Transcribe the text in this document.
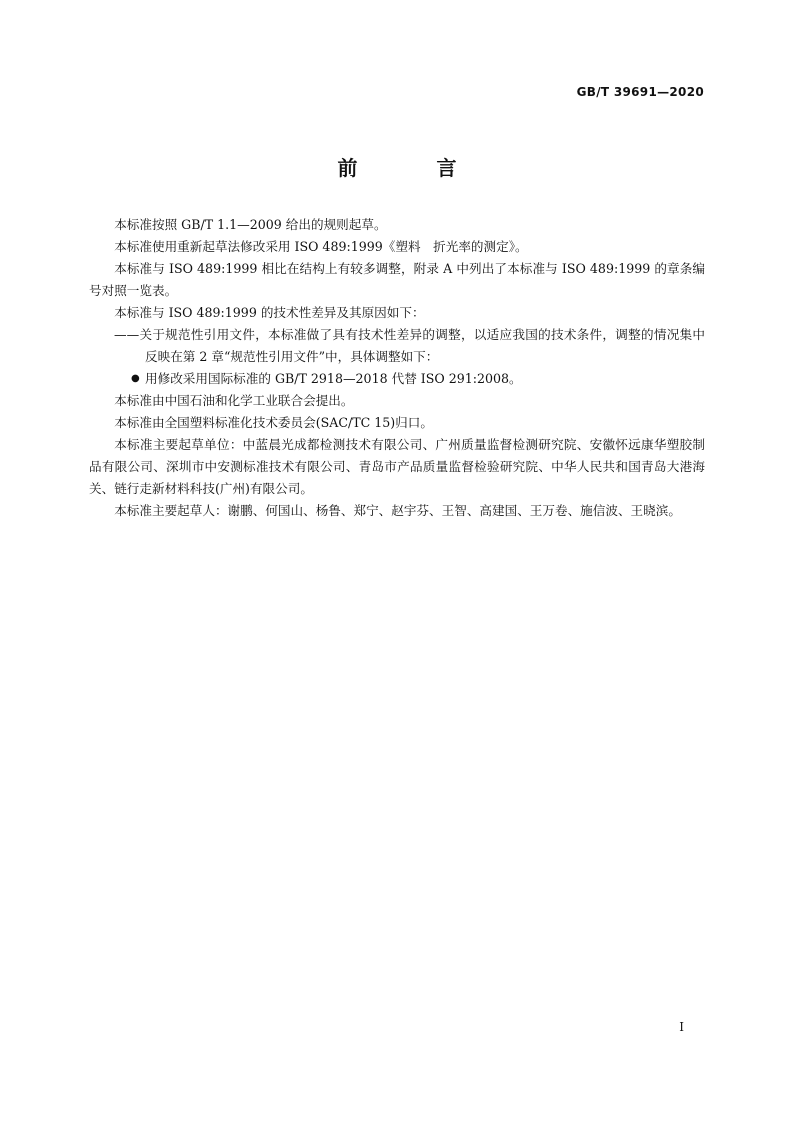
GB/T 39691—2020
前 言

本标准按照 GB/T 1.1—2009 给出的规则起草。

本标准使用重新起草法修改采用 ISO 489:1999《塑料　折光率的测定》。

本标准与 ISO 489:1999 相比在结构上有较多调整，附录 A 中列出了本标准与 ISO 489:1999 的章条编号对照一览表。

本标准与 ISO 489:1999 的技术性差异及其原因如下：

——关于规范性引用文件，本标准做了具有技术性差异的调整，以适应我国的技术条件，调整的情况集中反映在第 2 章“规范性引用文件”中，具体调整如下：

● 用修改采用国际标准的 GB/T 2918—2018 代替 ISO 291:2008。

本标准由中国石油和化学工业联合会提出。

本标准由全国塑料标准化技术委员会(SAC/TC 15)归口。

本标准主要起草单位：中蓝晨光成都检测技术有限公司、广州质量监督检测研究院、安徽怀远康华塑胶制品有限公司、深圳市中安测标准技术有限公司、青岛市产品质量监督检验研究院、中华人民共和国青岛大港海关、链行走新材料科技(广州)有限公司。

本标准主要起草人：谢鹏、何国山、杨鲁、郑宁、赵宇芬、王智、高建国、王万卷、施信波、王晓滨。

I
